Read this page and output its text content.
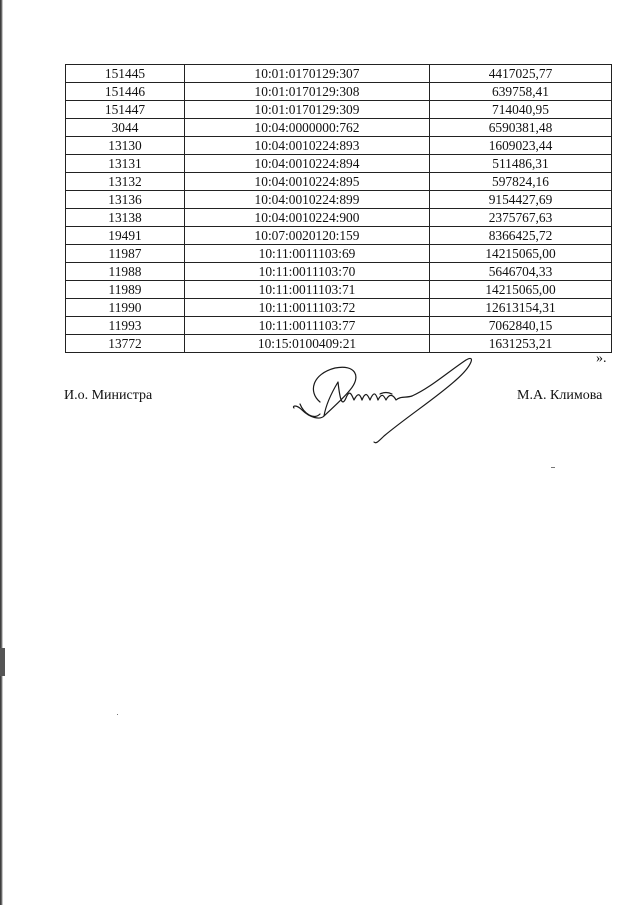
151445	10:01:0170129:307	4417025,77
151446	10:01:0170129:308	639758,41
151447	10:01:0170129:309	714040,95
3044	10:04:0000000:762	6590381,48
13130	10:04:0010224:893	1609023,44
13131	10:04:0010224:894	511486,31
13132	10:04:0010224:895	597824,16
13136	10:04:0010224:899	9154427,69
13138	10:04:0010224:900	2375767,63
19491	10:07:0020120:159	8366425,72
11987	10:11:0011103:69	14215065,00
11988	10:11:0011103:70	5646704,33
11989	10:11:0011103:71	14215065,00
11990	10:11:0011103:72	12613154,31
11993	10:11:0011103:77	7062840,15
13772	10:15:0100409:21	1631253,21
».
И.о. Министра	М.А. Климова
